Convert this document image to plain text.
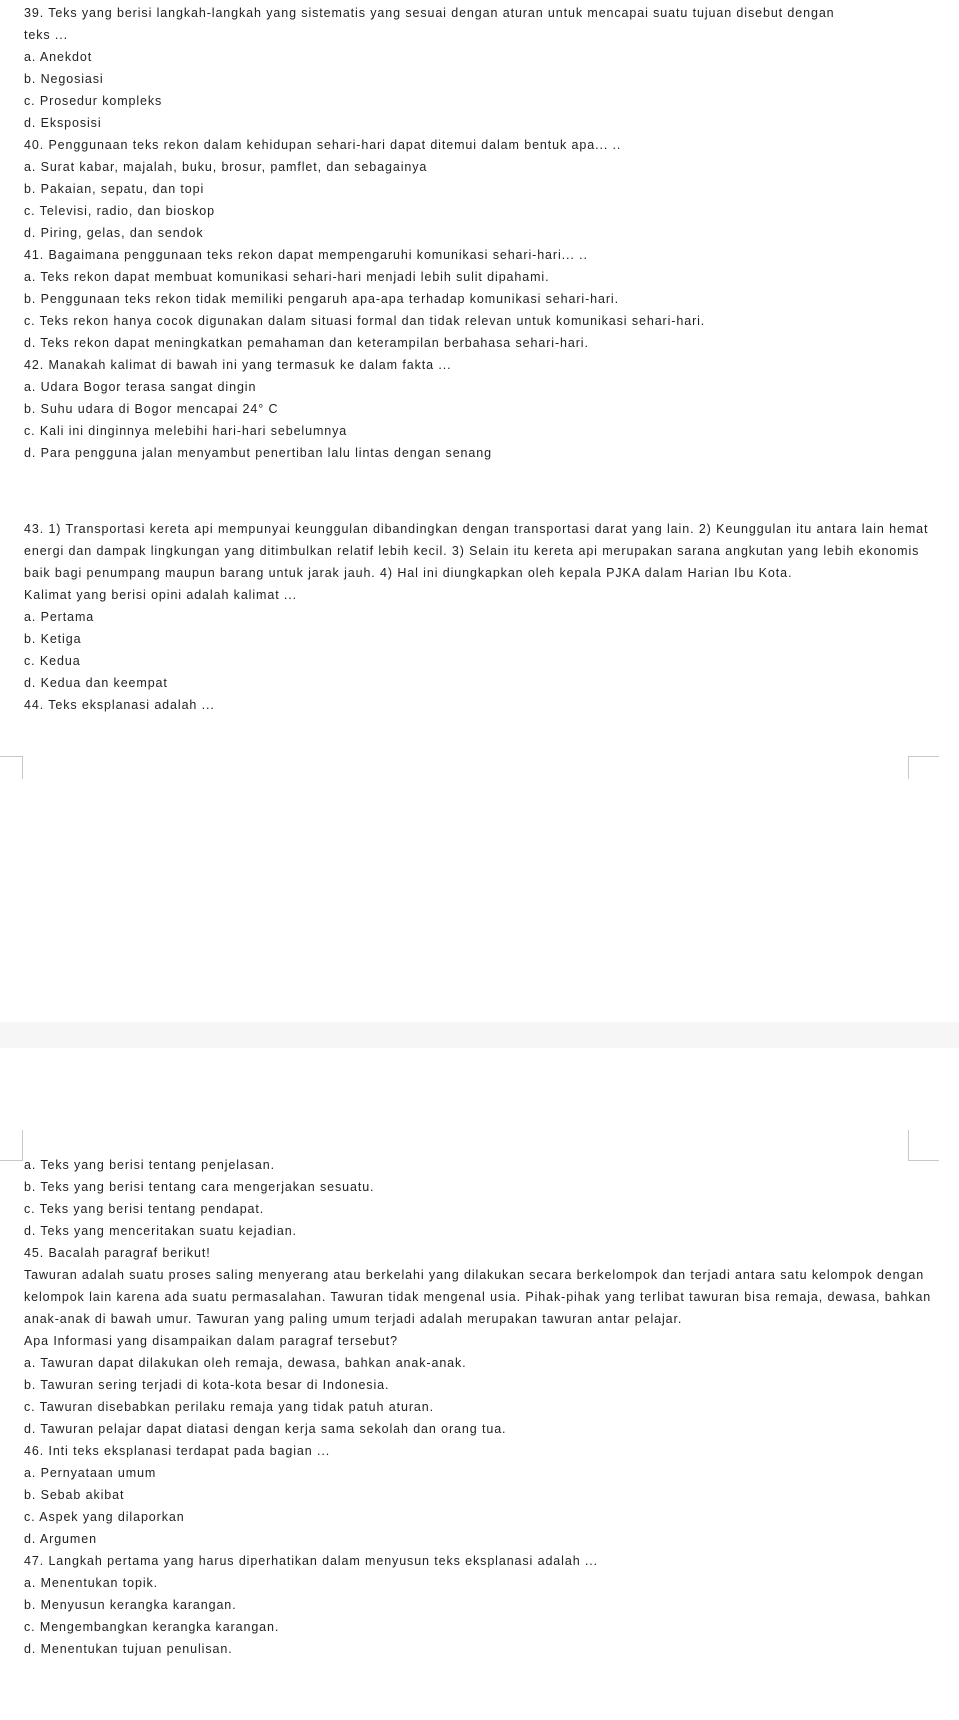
39. Teks yang berisi langkah-langkah yang sistematis yang sesuai dengan aturan untuk mencapai suatu tujuan disebut dengan
teks ...
a. Anekdot
b. Negosiasi
c. Prosedur kompleks
d. Eksposisi
40. Penggunaan teks rekon dalam kehidupan sehari-hari dapat ditemui dalam bentuk apa... ..
a. Surat kabar, majalah, buku, brosur, pamflet, dan sebagainya
b. Pakaian, sepatu, dan topi
c. Televisi, radio, dan bioskop
d. Piring, gelas, dan sendok
41. Bagaimana penggunaan teks rekon dapat mempengaruhi komunikasi sehari-hari... ..
a. Teks rekon dapat membuat komunikasi sehari-hari menjadi lebih sulit dipahami.
b. Penggunaan teks rekon tidak memiliki pengaruh apa-apa terhadap komunikasi sehari-hari.
c. Teks rekon hanya cocok digunakan dalam situasi formal dan tidak relevan untuk komunikasi sehari-hari.
d. Teks rekon dapat meningkatkan pemahaman dan keterampilan berbahasa sehari-hari.
42. Manakah kalimat di bawah ini yang termasuk ke dalam fakta ...
a. Udara Bogor terasa sangat dingin
b. Suhu udara di Bogor mencapai 24° C
c. Kali ini dinginnya melebihi hari-hari sebelumnya
d. Para pengguna jalan menyambut penertiban lalu lintas dengan senang
43. 1) Transportasi kereta api mempunyai keunggulan dibandingkan dengan transportasi darat yang lain. 2) Keunggulan itu antara lain hemat energi dan dampak lingkungan yang ditimbulkan relatif lebih kecil. 3) Selain itu kereta api merupakan sarana angkutan yang lebih ekonomis baik bagi penumpang maupun barang untuk jarak jauh. 4) Hal ini diungkapkan oleh kepala PJKA dalam Harian Ibu Kota.
Kalimat yang berisi opini adalah kalimat ...
a. Pertama
b. Ketiga
c. Kedua
d. Kedua dan keempat
44. Teks eksplanasi adalah ...
a. Teks yang berisi tentang penjelasan.
b. Teks yang berisi tentang cara mengerjakan sesuatu.
c. Teks yang berisi tentang pendapat.
d. Teks yang menceritakan suatu kejadian.
45. Bacalah paragraf berikut!
Tawuran adalah suatu proses saling menyerang atau berkelahi yang dilakukan secara berkelompok dan terjadi antara satu kelompok dengan kelompok lain karena ada suatu permasalahan. Tawuran tidak mengenal usia. Pihak-pihak yang terlibat tawuran bisa remaja, dewasa, bahkan anak-anak di bawah umur. Tawuran yang paling umum terjadi adalah merupakan tawuran antar pelajar.
Apa Informasi yang disampaikan dalam paragraf tersebut?
a. Tawuran dapat dilakukan oleh remaja, dewasa, bahkan anak-anak.
b. Tawuran sering terjadi di kota-kota besar di Indonesia.
c. Tawuran disebabkan perilaku remaja yang tidak patuh aturan.
d. Tawuran pelajar dapat diatasi dengan kerja sama sekolah dan orang tua.
46. Inti teks eksplanasi terdapat pada bagian ...
a. Pernyataan umum
b. Sebab akibat
c. Aspek yang dilaporkan
d. Argumen
47. Langkah pertama yang harus diperhatikan dalam menyusun teks eksplanasi adalah ...
a. Menentukan topik.
b. Menyusun kerangka karangan.
c. Mengembangkan kerangka karangan.
d. Menentukan tujuan penulisan.
